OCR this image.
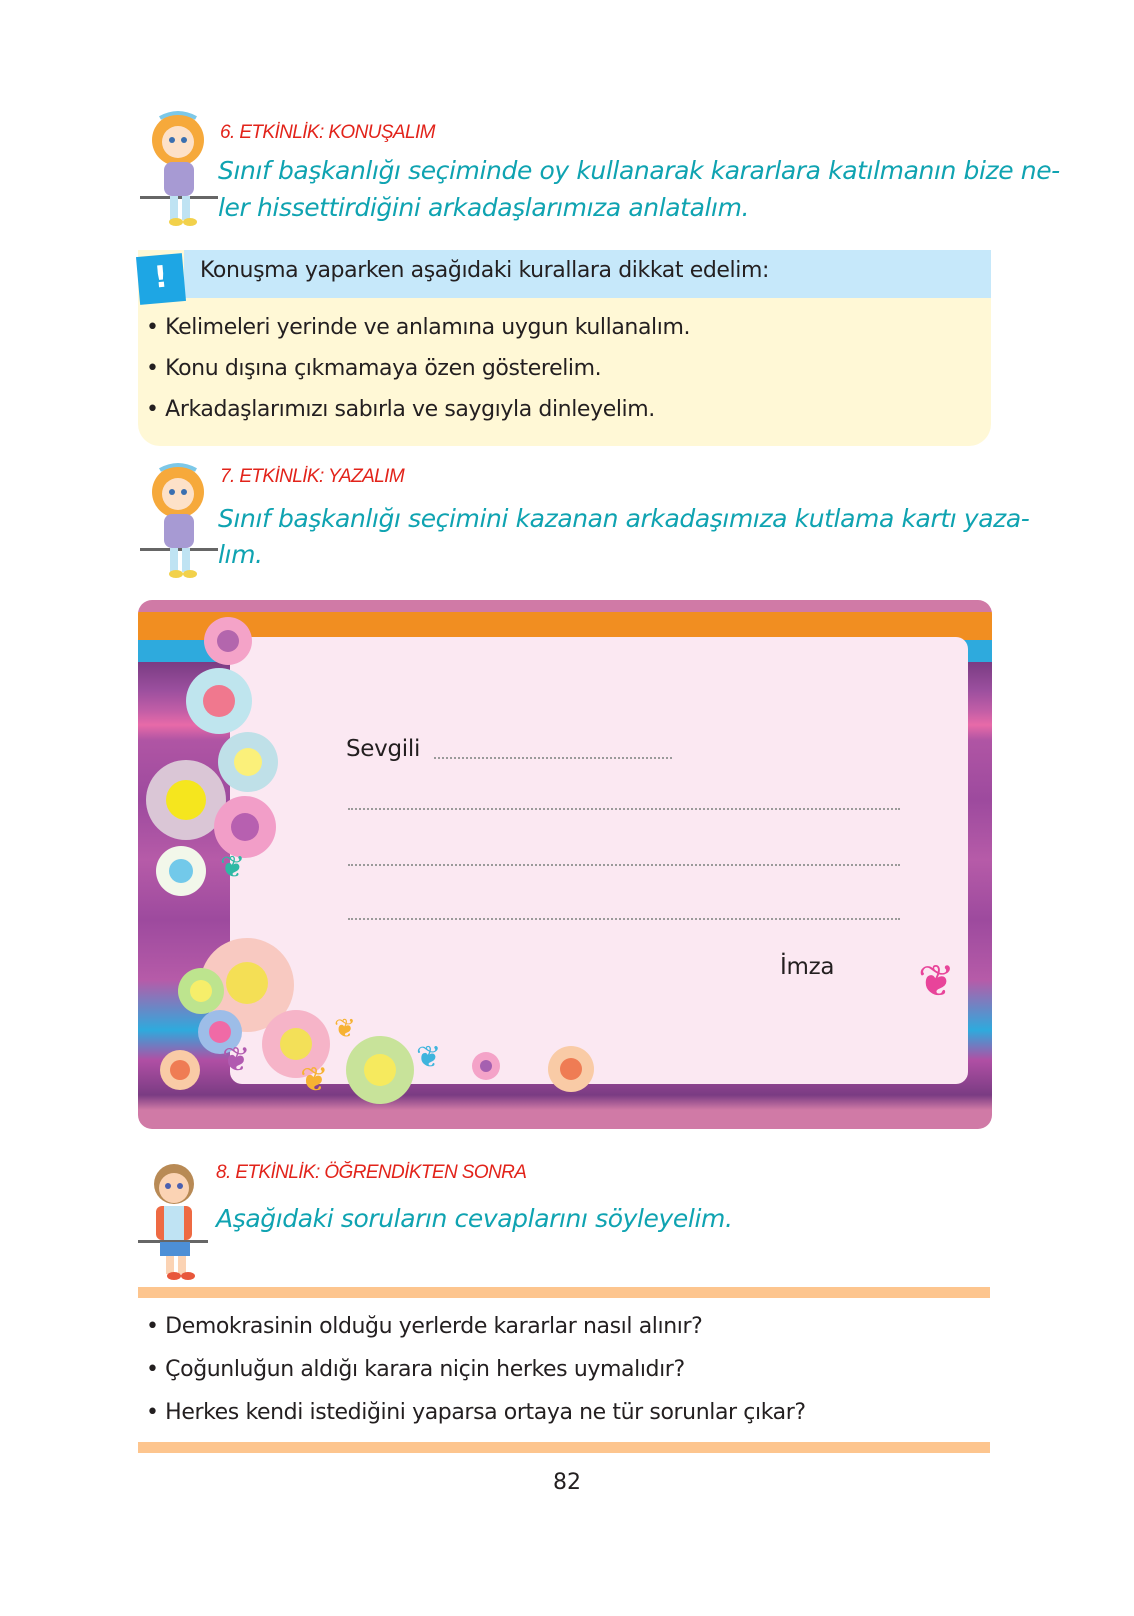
6. ETKİNLİK: KONUŞALIM
Sınıf başkanlığı seçiminde oy kullanarak kararlara katılmanın bize ne-
ler hissettirdiğini arkadaşlarımıza anlatalım.
!	Konuşma yaparken aşağıdaki kurallara dikkat edelim:
• Kelimeleri yerinde ve anlamına uygun kullanalım.
• Konu dışına çıkmamaya özen gösterelim.
• Arkadaşlarımızı sabırla ve saygıyla dinleyelim.
7. ETKİNLİK: YAZALIM
Sınıf başkanlığı seçimini kazanan arkadaşımıza kutlama kartı yaza-
lım.
❦
❦ ❦
❦
❦
❦
Sevgili
İmza
8. ETKİNLİK: ÖĞRENDİKTEN SONRA
Aşağıdaki soruların cevaplarını söyleyelim.
• Demokrasinin olduğu yerlerde kararlar nasıl alınır?
• Çoğunluğun aldığı karara niçin herkes uymalıdır?
• Herkes kendi istediğini yaparsa ortaya ne tür sorunlar çıkar?
82
